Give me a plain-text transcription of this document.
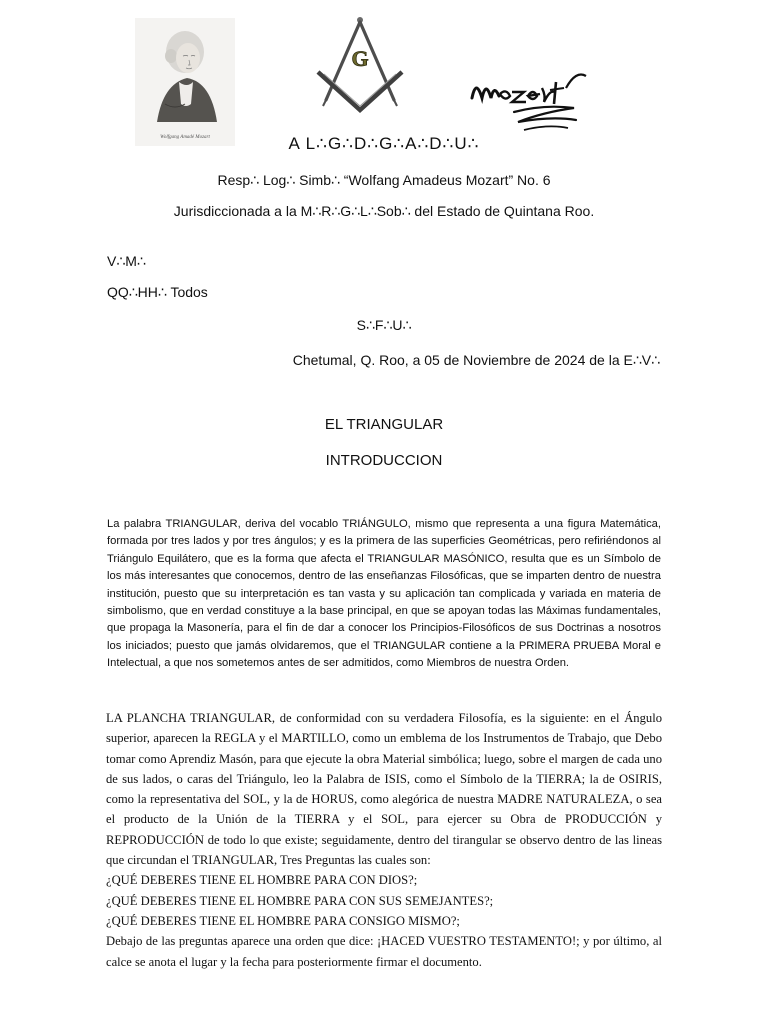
Wolfgang Amadé Mozart
G
A L∴G∴D∴G∴A∴D∴U∴
Resp∴ Log∴ Simb∴ “Wolfang Amadeus Mozart” No. 6
Jurisdiccionada a la M∴R∴G∴L∴Sob∴ del Estado de Quintana Roo.
V∴M∴
QQ∴HH∴ Todos
S∴F∴U∴
Chetumal, Q. Roo, a 05 de Noviembre de 2024 de la E∴V∴
EL TRIANGULAR
INTRODUCCION
La palabra TRIANGULAR, deriva del vocablo TRIÁNGULO, mismo que representa a una figura Matemática, formada por tres lados y por tres ángulos; y es la primera de las superficies Geométricas, pero refiriéndonos al Triángulo Equilátero, que es la forma que afecta el TRIANGULAR MASÓNICO, resulta que es un Símbolo de los más interesantes que conocemos, dentro de las enseñanzas Filosóficas, que se imparten dentro de nuestra institución, puesto que su interpretación es tan vasta y su aplicación tan complicada y variada en materia de simbolismo, que en verdad constituye a la base principal, en que se apoyan todas las Máximas fundamentales, que propaga la Masonería, para el fin de dar a conocer los Principios-Filosóficos de sus Doctrinas a nosotros los iniciados; puesto que jamás olvidaremos, que el TRIANGULAR contiene a la PRIMERA PRUEBA Moral e Intelectual, a que nos sometemos antes de ser admitidos, como Miembros de nuestra Orden.

LA PLANCHA TRIANGULAR, de conformidad con su verdadera Filosofía, es la siguiente: en el Ángulo superior, aparecen la REGLA y el MARTILLO, como un emblema de los Instrumentos de Trabajo, que Debo tomar como Aprendiz Masón, para que ejecute la obra Material simbólica; luego, sobre el margen de cada uno de sus lados, o caras del Triángulo, leo la Palabra de ISIS, como el Símbolo de la TIERRA; la de OSIRIS, como la representativa del SOL, y la de HORUS, como alegórica de nuestra MADRE NATURALEZA, o sea el producto de la Unión de la TIERRA y el SOL, para ejercer su Obra de PRODUCCIÓN y REPRODUCCIÓN de todo lo que existe; seguidamente, dentro del tirangular se observo dentro de las lineas que circundan el TRIANGULAR, Tres Preguntas las cuales son:

¿QUÉ DEBERES TIENE EL HOMBRE PARA CON DIOS?;

¿QUÉ DEBERES TIENE EL HOMBRE PARA CON SUS SEMEJANTES?;

¿QUÉ DEBERES TIENE EL HOMBRE PARA CONSIGO MISMO?;

Debajo de las preguntas aparece una orden que dice: ¡HACED VUESTRO TESTAMENTO!; y por último, al calce se anota el lugar y la fecha para posteriormente firmar el documento.
